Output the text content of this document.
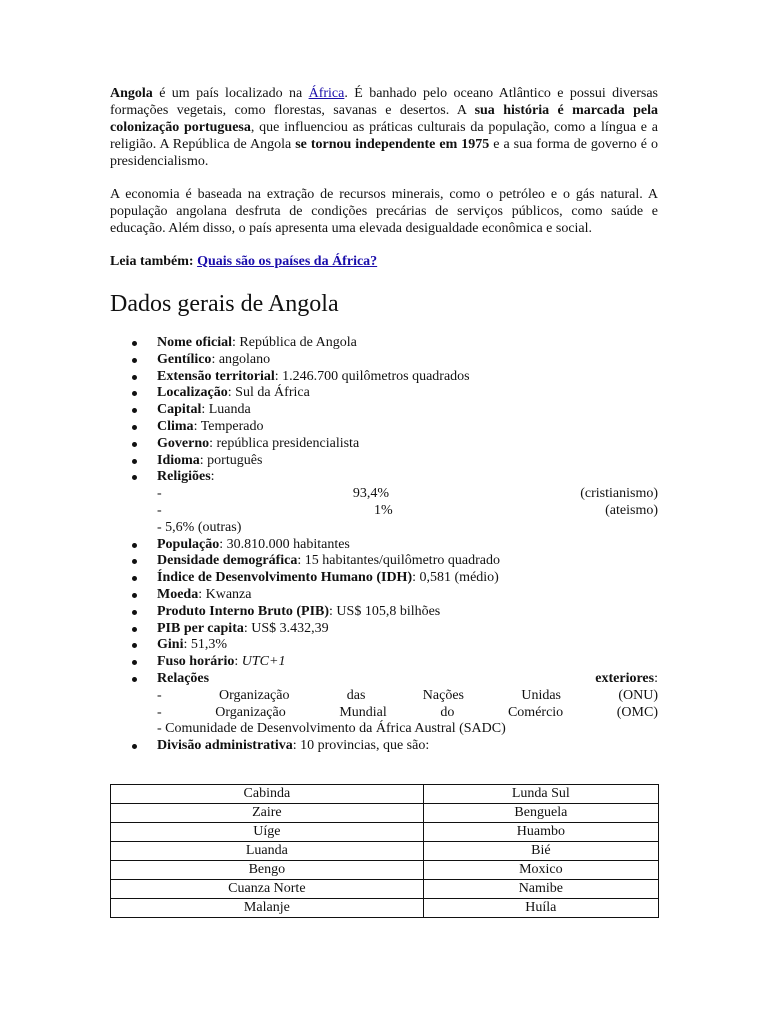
Angola é um país localizado na África. É banhado pelo oceano Atlântico e possui diversas formações vegetais, como florestas, savanas e desertos. A sua história é marcada pela colonização portuguesa, que influenciou as práticas culturais da população, como a língua e a religião. A República de Angola se tornou independente em 1975 e a sua forma de governo é o presidencialismo.

A economia é baseada na extração de recursos minerais, como o petróleo e o gás natural. A população angolana desfruta de condições precárias de serviços públicos, como saúde e educação. Além disso, o país apresenta uma elevada desigualdade econômica e social.

Leia também: Quais são os países da África?

Dados gerais de Angola
Nome oficial: República de Angola
Gentílico: angolano
Extensão territorial: 1.246.700 quilômetros quadrados
Localização: Sul da África
Capital: Luanda
Clima: Temperado
Governo: república presidencialista
Idioma: português
Religiões:
- 93,4% (cristianismo)
- 1% (ateismo)
- 5,6% (outras)
População: 30.810.000 habitantes
Densidade demográfica: 15 habitantes/quilômetro quadrado
Índice de Desenvolvimento Humano (IDH): 0,581 (médio)
Moeda: Kwanza
Produto Interno Bruto (PIB): US$ 105,8 bilhões
PIB per capita: US$ 3.432,39
Gini: 51,3%
Fuso horário: UTC+1
Relações	exteriores:
- Organização das Nações Unidas (ONU)
- Organização Mundial do Comércio (OMC)
- Comunidade de Desenvolvimento da África Austral (SADC)
Divisão administrativa: 10 provincias, que são:
Cabinda	Lunda Sul
Zaire	Benguela
Uíge	Huambo
Luanda	Bié
Bengo	Moxico
Cuanza Norte	Namibe
Malanje	Huíla
